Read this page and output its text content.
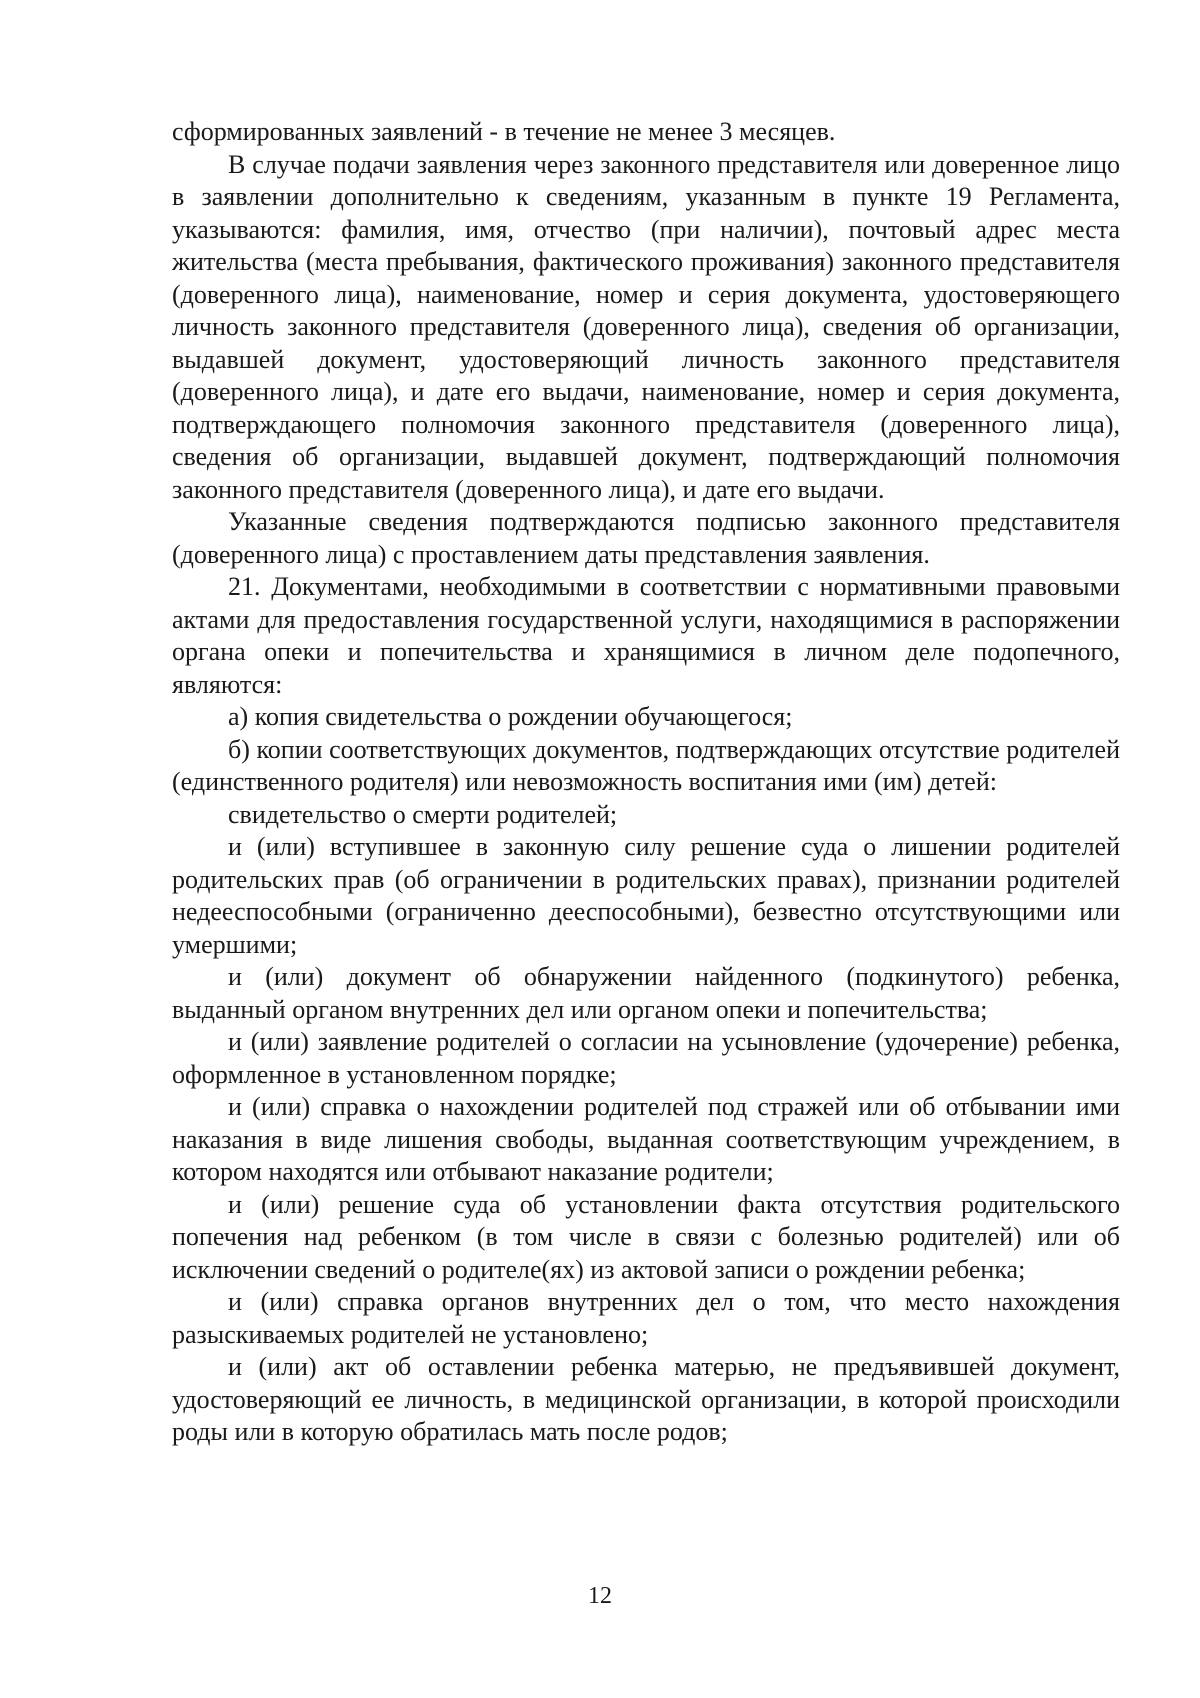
сформированных заявлений - в течение не менее 3 месяцев.

В случае подачи заявления через законного представителя или доверенное лицо в заявлении дополнительно к сведениям, указанным в пункте 19 Регламента, указываются: фамилия, имя, отчество (при наличии), почтовый адрес места жительства (места пребывания, фактического проживания) законного представителя (доверенного лица), наименование, номер и серия документа, удостоверяющего личность законного представителя (доверенного лица), сведения об организации, выдавшей документ, удостоверяющий личность законного представителя (доверенного лица), и дате его выдачи, наименование, номер и серия документа, подтверждающего полномочия законного представителя (доверенного лица), сведения об организации, выдавшей документ, подтверждающий полномочия законного представителя (доверенного лица), и дате его выдачи.

Указанные сведения подтверждаются подписью законного представителя (доверенного лица) с проставлением даты представления заявления.

21. Документами, необходимыми в соответствии с нормативными правовыми актами для предоставления государственной услуги, находящимися в распоряжении органа опеки и попечительства и хранящимися в личном деле подопечного, являются:

а) копия свидетельства о рождении обучающегося;

б) копии соответствующих документов, подтверждающих отсутствие родителей (единственного родителя) или невозможность воспитания ими (им) детей:

свидетельство о смерти родителей;

и (или) вступившее в законную силу решение суда о лишении родителей родительских прав (об ограничении в родительских правах), признании родителей недееспособными (ограниченно дееспособными), безвестно отсутствующими или умершими;

и (или) документ об обнаружении найденного (подкинутого) ребенка, выданный органом внутренних дел или органом опеки и попечительства;

и (или) заявление родителей о согласии на усыновление (удочерение) ребенка, оформленное в установленном порядке;

и (или) справка о нахождении родителей под стражей или об отбывании ими наказания в виде лишения свободы, выданная соответствующим учреждением, в котором находятся или отбывают наказание родители;

и (или) решение суда об установлении факта отсутствия родительского попечения над ребенком (в том числе в связи с болезнью родителей) или об исключении сведений о родителе(ях) из актовой записи о рождении ребенка;

и (или) справка органов внутренних дел о том, что место нахождения разыскиваемых родителей не установлено;

и (или) акт об оставлении ребенка матерью, не предъявившей документ, удостоверяющий ее личность, в медицинской организации, в которой происходили роды или в которую обратилась мать после родов;

12
